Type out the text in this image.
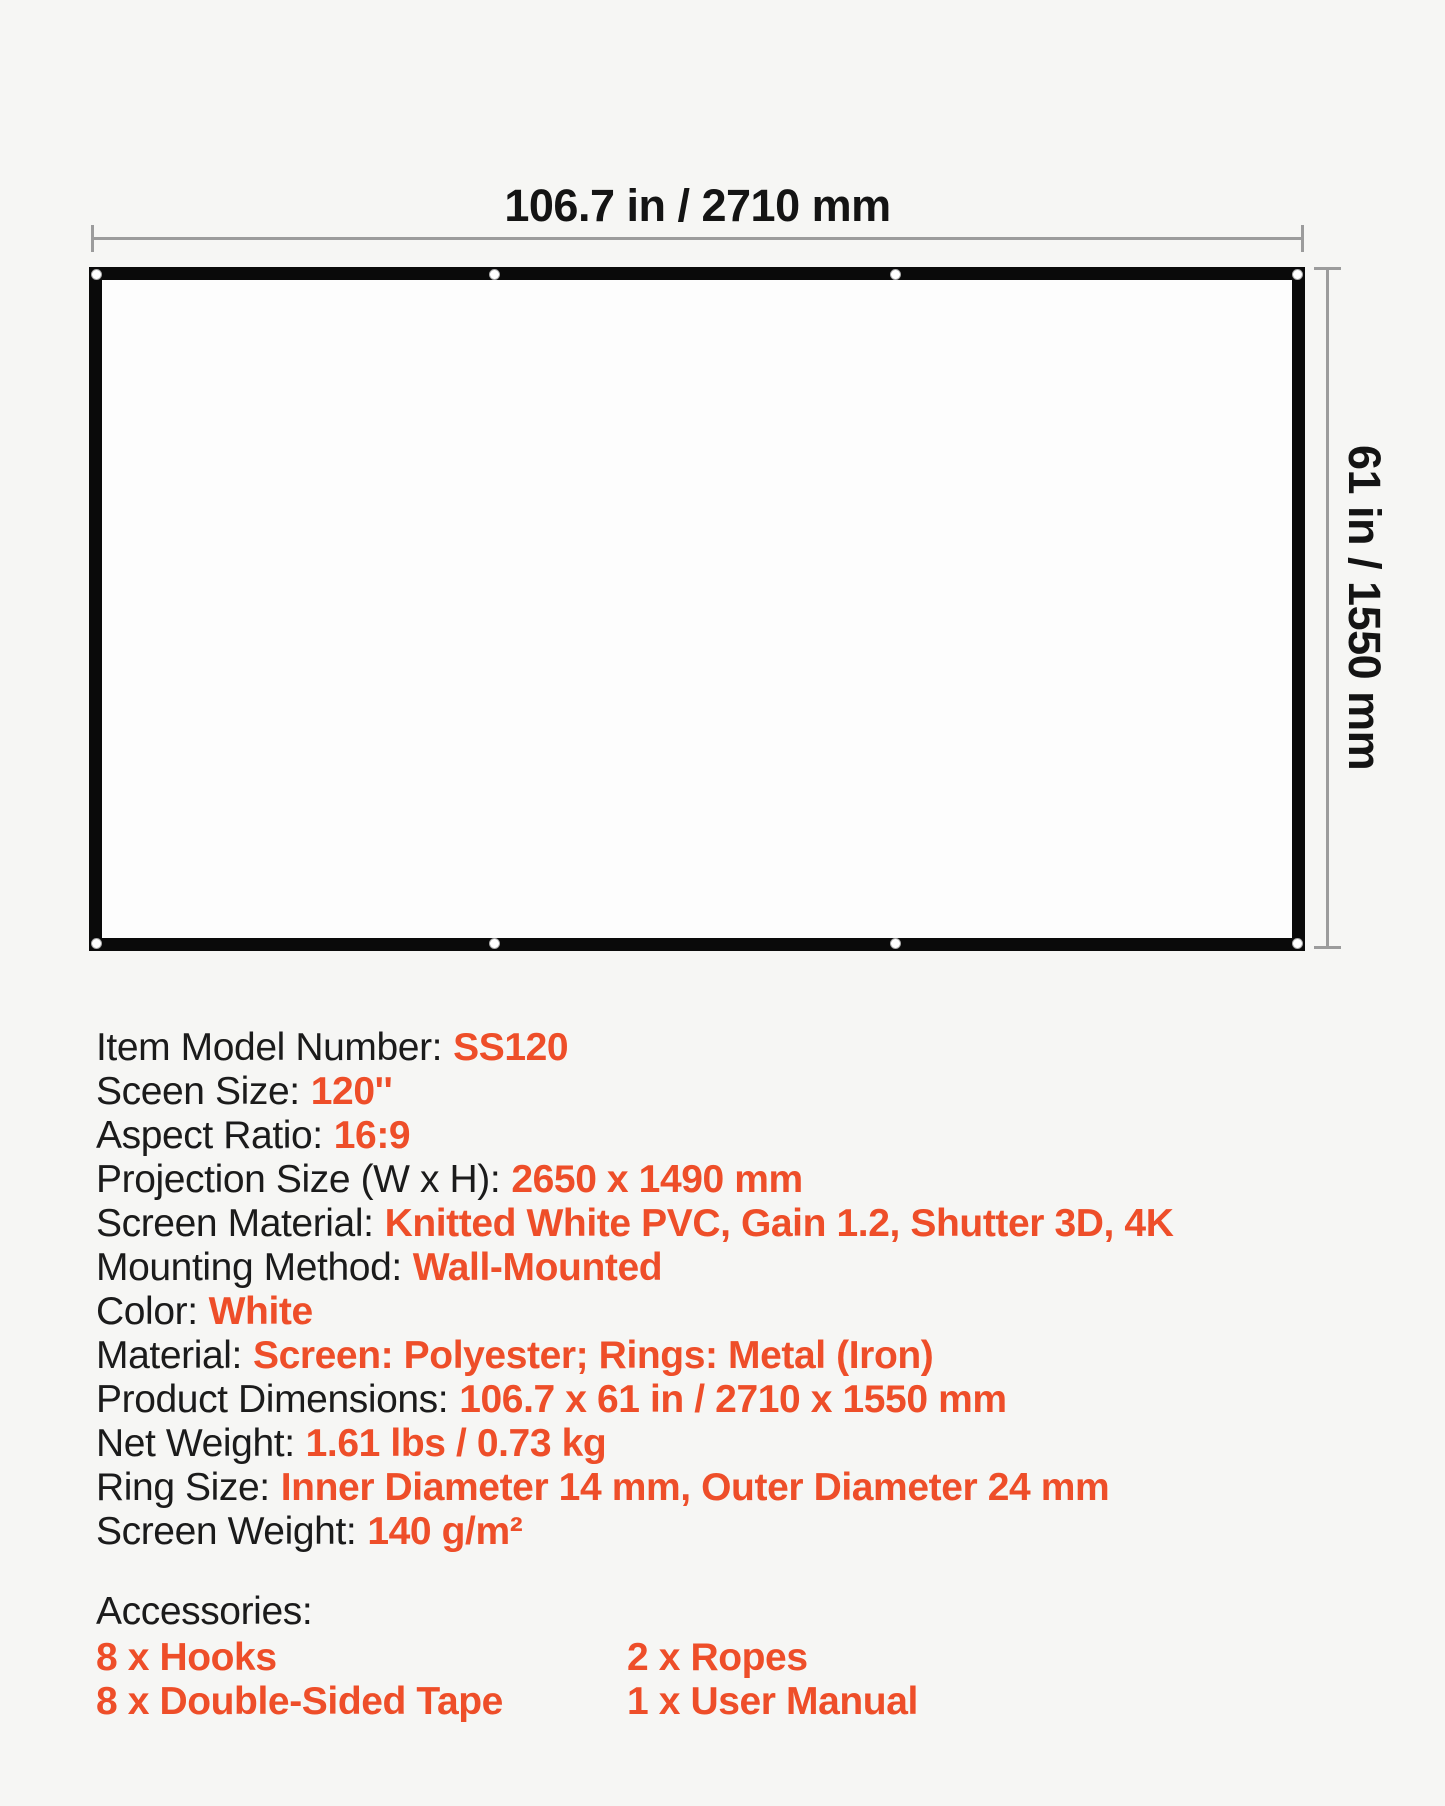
106.7 in / 2710 mm
61 in / 1550 mm
Item Model Number: SS120
Sceen Size: 120''
Aspect Ratio: 16:9
Projection Size (W x H): 2650 x 1490 mm
Screen Material: Knitted White PVC, Gain 1.2, Shutter 3D, 4K
Mounting Method: Wall-Mounted
Color: White
Material: Screen: Polyester; Rings: Metal (Iron)
Product Dimensions: 106.7 x 61 in / 2710 x 1550 mm
Net Weight: 1.61 lbs / 0.73 kg
Ring Size: Inner Diameter 14 mm, Outer Diameter 24 mm
Screen Weight: 140 g/m²
Accessories:
8 x Hooks	2 x Ropes
8 x Double-Sided Tape	1 x User Manual
